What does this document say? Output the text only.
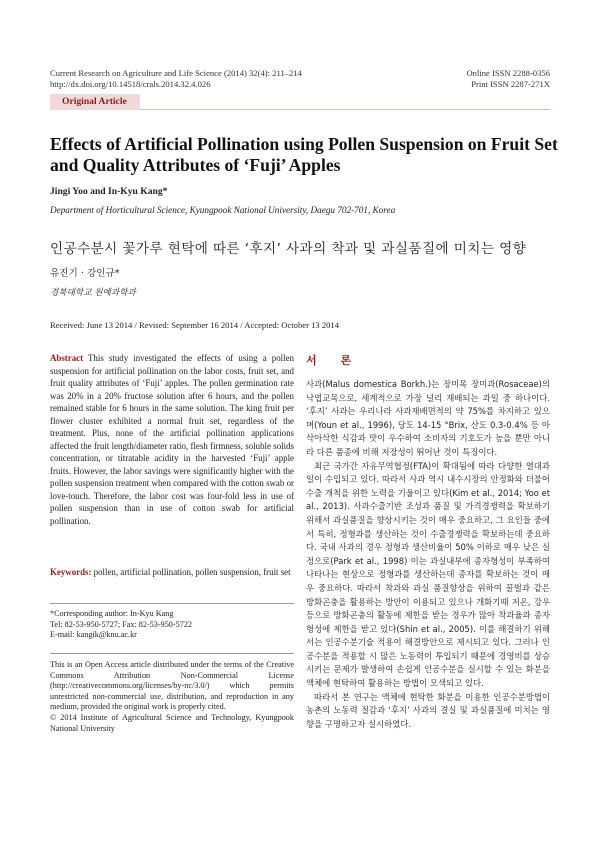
Current Research on Agriculture and Life Science (2014) 32(4): 211–214
http://dx.doi.org/10.14518/crals.2014.32.4.026
Online ISSN 2288-0356
Print ISSN 2287-271X
Original Article
Effects of Artificial Pollination using Pollen Suspension on Fruit Set and Quality Attributes of ‘Fuji’ Apples
Jingi Yoo and In-Kyu Kang*
Department of Horticultural Science, Kyungpook National University, Daegu 702-701, Korea
인공수분시 꽃가루 현탁에 따른 ‘후지’ 사과의 착과 및 과실품질에 미치는 영향
유진기 · 강인규*
경북대학교 원예과학과
Received: June 13 2014 / Revised: September 16 2014 / Accepted: October 13 2014
Abstract This study investigated the effects of using a pollen suspension for artificial pollination on the labor costs, fruit set, and fruit quality attributes of ‘Fuji’ apples. The pollen germination rate was 20% in a 20% fructose solution after 6 hours, and the pollen remained stable for 6 hours in the same solution. The king fruit per flower cluster exhibited a normal fruit set, regardless of the treatment. Plus, none of the artificial pollination applications affected the fruit length/diameter ratio, flesh firmness, soluble solids concentration, or titratable acidity in the harvested ‘Fuji’ apple fruits. However, the labor savings were significantly higher with the pollen suspension treatment when compared with the cotton swab or love-touch. Therefore, the labor cost was four-fold less in use of pollen suspension than in use of cotton swab for artificial pollination.
Keywords: pollen, artificial pollination, pollen suspension, fruit set
*Corresponding author: In-Kyu Kang
Tel: 82-53-950-5727; Fax: 82-53-950-5722
E-mail: kangik@knu.ac.kr
This is an Open Access article distributed under the terms of the Creative Commons Attribution Non-Commercial License (http://creativecommons.org/licenses/by-nc/3.0/) which permits unrestricted non-commercial use, distribution, and reproduction in any medium, provided the original work is properly cited.
© 2014 Institute of Agricultural Science and Technology, Kyungpook National University
서 론

사과(Malus domestica Borkh.)는 장미목 장미과(Rosaceae)의 낙엽교목으로, 세계적으로 가장 널리 재배되는 과일 중 하나이다. ‘후지’ 사과는 우리나라 사과재배면적의 약 75%를 차지하고 있으며(Youn et al., 1996), 당도 14-15 °Brix, 산도 0.3-0.4% 등 아삭아삭한 식감과 맛이 우수하여 소비자의 기호도가 높을 뿐만 아니라 다른 품종에 비해 저장성이 뛰어난 것이 특징이다.

최근 국가간 자유무역협정(FTA)이 확대됨에 따라 다양한 열대과일이 수입되고 있다. 따라서 사과 역시 내수시장의 안정화와 더불어 수출 개척을 위한 노력을 기울이고 있다(Kim et al., 2014; Yoo et al., 2013). 사과수출기반 조성과 품질 및 가격경쟁력을 확보하기 위해서 과실품질을 향상시키는 것이 매우 중요하고, 그 요인들 중에서 특히, 정형과를 생산하는 것이 수출경쟁력을 확보하는데 중요하다. 국내 사과의 경우 정형과 생산비율이 50% 이하로 매우 낮은 실정으로(Park et al., 1998) 이는 과실내부에 종자형성이 부족하여 나타나는 현상으로 정형과를 생산하는데 종자를 확보하는 것이 매우 중요하다. 따라서 착과와 과실 품질향상을 위하여 꿀벌과 같은 방화곤충을 활용하는 방안이 이용되고 있으나 개화기때 저온, 강우 등으로 방화곤충의 활동에 제한을 받는 경우가 많아 착과율과 종자형성에 제한을 받고 있다(Shin et al., 2005). 이를 해결하기 위해서는 인공수분기술 적용이 해결방안으로 제시되고 있다. 그러나 인공수분을 적용할 시 많은 노동력이 투입되기 때문에 경영비를 상승시키는 문제가 발생하여 손쉽게 인공수분을 실시할 수 있는 화분을 액체에 현탁하여 활용하는 방법이 모색되고 있다.

따라서 본 연구는 액체에 현탁한 화분을 이용한 인공수분방법이 농촌의 노동력 절감과 ‘후지’ 사과의 결실 및 과실품질에 미치는 영향을 구명하고자 실시하였다.
